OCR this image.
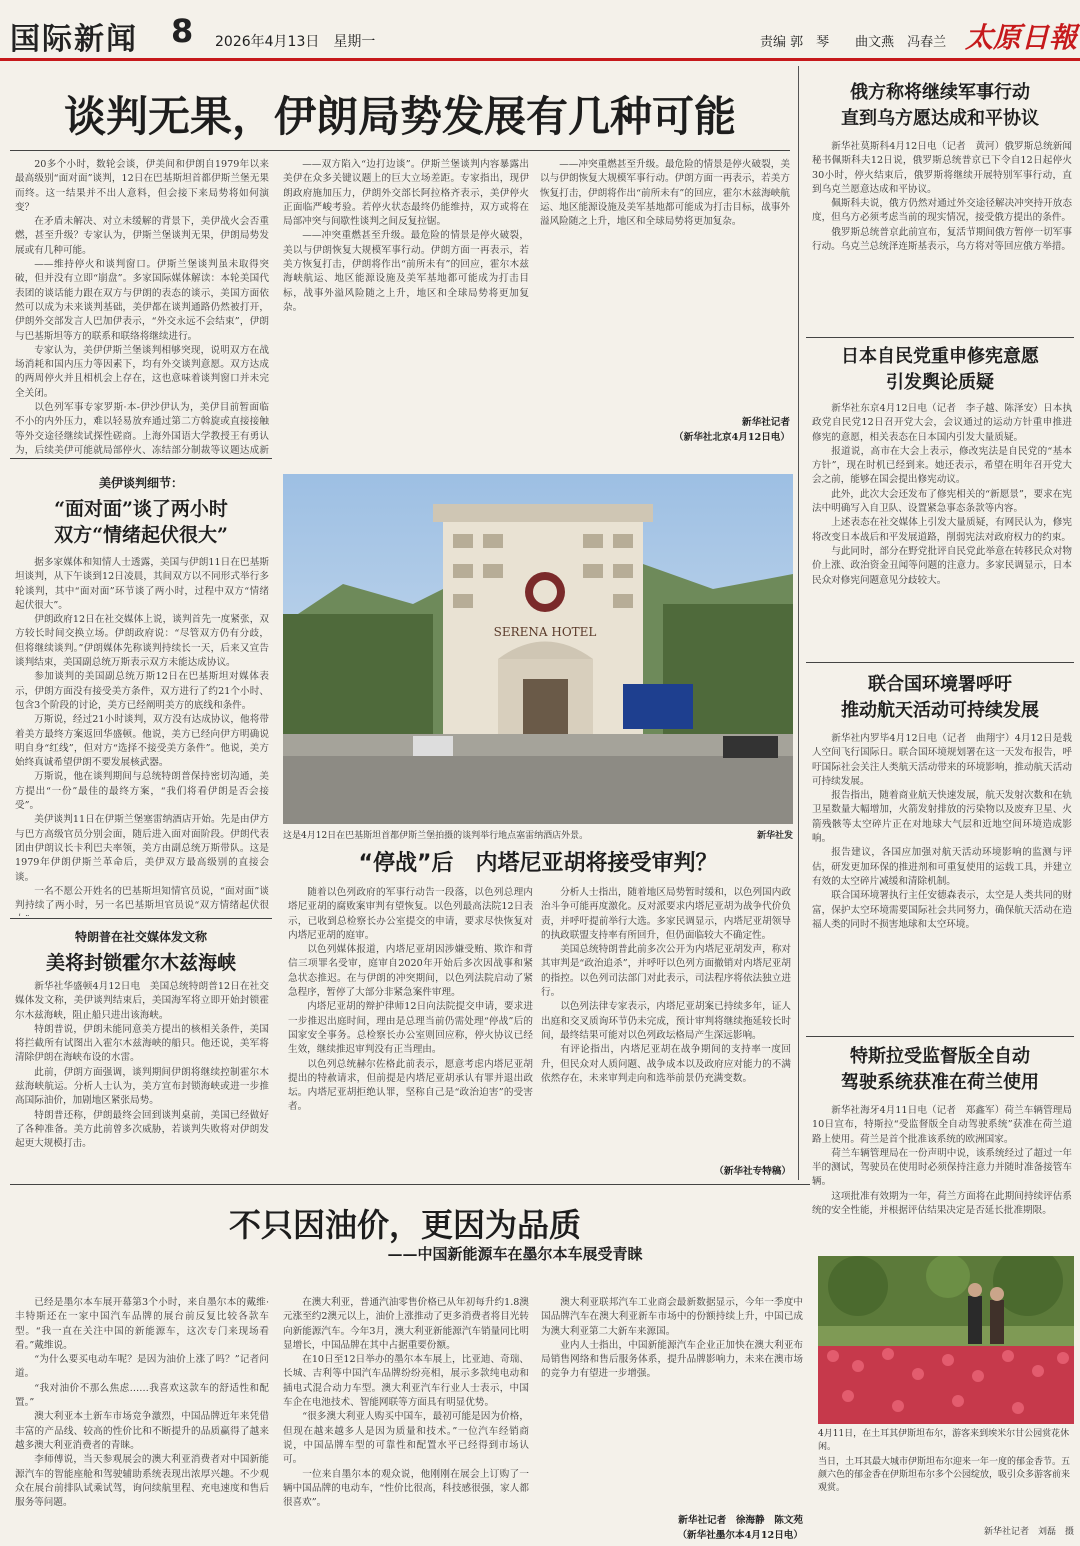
国际新闻 8 2026年4月13日　星期一	责编 郭　琴　　曲文燕　冯春兰 太原日報
谈判无果，伊朗局势发展有几种可能

20多个小时，数轮会谈，伊美间和伊朗自1979年以来最高级别“面对面”谈判，12日在巴基斯坦首都伊斯兰堡无果而终。这一结果并不出人意料，但会接下来局势将如何演变？

在矛盾未解决、对立未缓解的背景下，美伊战火会否重燃，甚至升级？专家认为，伊斯兰堡谈判无果，伊朗局势发展或有几种可能。

——维持停火和谈判窗口。伊斯兰堡谈判虽未取得突破，但并没有立即“崩盘”。多家国际媒体解读：本轮美国代表团的谈话能力跟在双方与伊朗的表态的谈示，美国方面依然可以成为未来谈判基础，美伊都在谈判通路仍然被打开，伊朗外交部发言人巴加伊表示，“外交永远不会结束”，伊朗与巴基斯坦等方的联系和联络将继续进行。

专家认为，美伊伊斯兰堡谈判相够突现，说明双方在战场消耗和国内压力等因素下，均有外交谈判意愿。双方达成的两周停火并且相机会上存在，这也意味着谈判窗口并未完全关闭。

以色列军事专家罗斯·本-伊沙伊认为，美伊目前暂面临不小的内外压力，难以轻易放弃通过第二方斡旋或直接接触等外交途径继续试探性磋商。上海外国语大学教授王有勇认为，后续美伊可能就局部停火、冻结部分制裁等议题达成新

——双方陷入“边打边谈”。伊斯兰堡谈判内容暴露出美伊在众多关键议题上的巨大立场差距。专家指出，现伊朗政府施加压力，伊朗外交部长阿拉格齐表示，美伊停火正面临严峻考验。若停火状态最终仍能维持，双方或将在局部冲突与间歇性谈判之间反复拉锯。

——冲突重燃甚至升级。最危险的情景是停火破裂，美以与伊朗恢复大规模军事行动。伊朗方面一再表示，若美方恢复打击，伊朗将作出“前所未有”的回应，霍尔木兹海峡航运、地区能源设施及美军基地都可能成为打击目标，战事外溢风险随之上升，地区和全球局势将更加复杂。

——冲突重燃甚至升级。最危险的情景是停火破裂，美以与伊朗恢复大规模军事行动。伊朗方面一再表示，若美方恢复打击，伊朗将作出“前所未有”的回应，霍尔木兹海峡航运、地区能源设施及美军基地都可能成为打击目标，战事外溢风险随之上升，地区和全球局势将更加复杂。

新华社记者
（新华社北京4月12日电）
美伊谈判细节：
“面对面”谈了两小时
双方“情绪起伏很大”

据多家媒体和知情人士透露，美国与伊朗11日在巴基斯坦谈判，从下午谈到12日凌晨，其间双方以不同形式举行多轮谈判，其中“面对面”环节谈了两小时，过程中双方“情绪起伏很大”。

伊朗政府12日在社交媒体上说，谈判首先一度紧张，双方较长时间交换立场。伊朗政府说：“尽管双方仍有分歧，但将继续谈判。”伊朗媒体先称谈判持续长一天，后来又宣告谈判结束，美国副总统万斯表示双方未能达成协议。

参加谈判的美国副总统万斯12日在巴基斯坦对媒体表示，伊朗方面没有接受美方条件，双方进行了约21个小时、包含3个阶段的讨论，美方已经阐明美方的底线和条件。

万斯说，经过21小时谈判，双方没有达成协议，他将带着美方最终方案返回华盛顿。他说，美方已经向伊方明确说明自身“红线”，但对方“选择不接受美方条件”。他说，美方始终真诚希望伊朗不要发展核武器。

万斯说，他在谈判期间与总统特朗普保持密切沟通，美方提出“一份”最佳的最终方案，“我们将看伊朗是否会接受”。

美伊谈判11日在伊斯兰堡塞雷纳酒店开始。先是由伊方与巴方高级官员分别会面，随后进入面对面阶段。伊朗代表团由伊朗议长卡利巴夫率领，美方由副总统万斯带队。这是1979年伊朗伊斯兰革命后，美伊双方最高级别的直接会谈。

一名不愿公开姓名的巴基斯坦知情官员说，“面对面”谈判持续了两小时，另一名巴基斯坦官员说“双方情绪起伏很

特朗普在社交媒体发文称
美将封锁霍尔木兹海峡

新华社华盛顿4月12日电　美国总统特朗普12日在社交媒体发文称，美伊谈判结束后，美国海军将立即开始封锁霍尔木兹海峡，阻止船只进出该海峡。

特朗普说，伊朗未能同意美方提出的核相关条件，美国将拦截所有试图出入霍尔木兹海峡的船只。他还说，美军将清除伊朗在海峡布设的水雷。

此前，伊朗方面强调，谈判期间伊朗将继续控制霍尔木兹海峡航运。分析人士认为，美方宣布封锁海峡或进一步推高国际油价，加剧地区紧张局势。

特朗普还称，伊朗最终会回到谈判桌前，美国已经做好了各种准备。美方此前曾多次威胁，若谈判失败将对伊朗发起更大规模打击。

SERENA HOTEL
这是4月12日在巴基斯坦首都伊斯兰堡拍摄的谈判举行地点塞雷纳酒店外景。	新华社发
“停战”后　内塔尼亚胡将接受审判？

随着以色列政府的军事行动告一段落，以色列总理内塔尼亚胡的腐败案审判有望恢复。以色列最高法院12日表示，已收到总检察长办公室提交的申请，要求尽快恢复对内塔尼亚胡的庭审。

以色列媒体报道，内塔尼亚胡因涉嫌受贿、欺诈和背信三项罪名受审，庭审自2020年开始后多次因战事和紧急状态推迟。在与伊朗的冲突期间，以色列法院启动了紧急程序，暂停了大部分非紧急案件审理。

内塔尼亚胡的辩护律师12日向法院提交申请，要求进一步推迟出庭时间，理由是总理当前仍需处理“停战”后的国家安全事务。总检察长办公室则回应称，停火协议已经生效，继续推迟审判没有正当理由。

以色列总统赫尔佐格此前表示，愿意考虑内塔尼亚胡提出的特赦请求，但前提是内塔尼亚胡承认有罪并退出政坛。内塔尼亚胡拒绝认罪，坚称自己是“政治迫害”的受害者。

分析人士指出，随着地区局势暂时缓和，以色列国内政治斗争可能再度激化。反对派要求内塔尼亚胡为战争代价负责，并呼吁提前举行大选。多家民调显示，内塔尼亚胡领导的执政联盟支持率有所回升，但仍面临较大不确定性。

美国总统特朗普此前多次公开为内塔尼亚胡发声，称对其审判是“政治追杀”，并呼吁以色列方面撤销对内塔尼亚胡的指控。以色列司法部门对此表示，司法程序将依法独立进行。

以色列法律专家表示，内塔尼亚胡案已持续多年，证人出庭和交叉质询环节仍未完成，预计审判将继续拖延较长时间，最终结果可能对以色列政坛格局产生深远影响。

有评论指出，内塔尼亚胡在战争期间的支持率一度回升，但民众对人质问题、战争成本以及政府应对能力的不满依然存在，未来审判走向和选举前景仍充满变数。

（新华社专特稿）
俄方称将继续军事行动
直到乌方愿达成和平协议

新华社莫斯科4月12日电（记者　黄河）俄罗斯总统新闻秘书佩斯科夫12日说，俄罗斯总统普京已下令自12日起停火30小时，停火结束后，俄罗斯将继续开展特别军事行动，直到乌克兰愿意达成和平协议。

佩斯科夫说，俄方仍然对通过外交途径解决冲突持开放态度，但乌方必须考虑当前的现实情况，接受俄方提出的条件。

俄罗斯总统普京此前宣布，复活节期间俄方暂停一切军事行动。乌克兰总统泽连斯基表示，乌方将对等回应俄方举措。

日本自民党重申修宪意愿
引发舆论质疑

新华社东京4月12日电（记者　李子越、陈泽安）日本执政党自民党12日召开党大会，会议通过的运动方针重申推进修宪的意愿，相关表态在日本国内引发大量质疑。

报道说，高市在大会上表示，修改宪法是自民党的“基本方针”，现在时机已经到来。她还表示，希望在明年召开党大会之前，能够在国会提出修宪动议。

此外，此次大会还发布了修宪相关的“新愿景”，要求在宪法中明确写入自卫队、设置紧急事态条款等内容。

上述表态在社交媒体上引发大量质疑，有网民认为，修宪将改变日本战后和平发展道路，削弱宪法对政府权力的约束。

与此同时，部分在野党批评自民党此举意在转移民众对物价上涨、政治资金丑闻等问题的注意力。多家民调显示，日本民众对修宪问题意见分歧较大。

联合国环境署呼吁
推动航天活动可持续发展

新华社内罗毕4月12日电（记者　曲翔宇）4月12日是载人空间飞行国际日。联合国环境规划署在这一天发布报告，呼吁国际社会关注人类航天活动带来的环境影响，推动航天活动可持续发展。

报告指出，随着商业航天快速发展，航天发射次数和在轨卫星数量大幅增加，火箭发射排放的污染物以及废弃卫星、火箭残骸等太空碎片正在对地球大气层和近地空间环境造成影响。

报告建议，各国应加强对航天活动环境影响的监测与评估，研发更加环保的推进剂和可重复使用的运载工具，并建立有效的太空碎片减缓和清除机制。

联合国环境署执行主任安德森表示，太空是人类共同的财富，保护太空环境需要国际社会共同努力，确保航天活动在造福人类的同时不损害地球和太空环境。

特斯拉受监督版全自动
驾驶系统获准在荷兰使用

新华社海牙4月11日电（记者　郑鑫军）荷兰车辆管理局10日宣布，特斯拉“受监督版全自动驾驶系统”获准在荷兰道路上使用。荷兰是首个批准该系统的欧洲国家。

荷兰车辆管理局在一份声明中说，该系统经过了超过一年半的测试，驾驶员在使用时必须保持注意力并随时准备接管车辆。

这项批准有效期为一年，荷兰方面将在此期间持续评估系统的安全性能，并根据评估结果决定是否延长批准期限。

4月11日，在土耳其伊斯坦布尔，游客来到埃米尔甘公园赏花休闲。
当日，土耳其最大城市伊斯坦布尔迎来一年一度的郁金香节。五颜六色的郁金香在伊斯坦布尔多个公园绽放，吸引众多游客前来观赏。
新华社记者　刘磊　摄
不只因油价，更因为品质
——中国新能源车在墨尔本车展受青睐

已经是墨尔本车展开幕第3个小时，来自墨尔本的戴维·丰特斯还在一家中国汽车品牌的展台前反复比较各款车型。“我一直在关注中国的新能源车，这次专门来现场看看。”戴维说。

“为什么要买电动车呢？是因为油价上涨了吗？”记者问道。

“我对油价不那么焦虑……我喜欢这款车的舒适性和配置。”

澳大利亚本土新车市场竞争激烈，中国品牌近年来凭借丰富的产品线、较高的性价比和不断提升的品质赢得了越来越多澳大利亚消费者的青睐。

李师傅说，当天参观展会的澳大利亚消费者对中国新能源汽车的智能座舱和驾驶辅助系统表现出浓厚兴趣。不少观众在展台前排队试乘试驾，询问续航里程、充电速度和售后服务等问题。

在澳大利亚，普通汽油零售价格已从年初每升约1.8澳元涨至约2澳元以上，油价上涨推动了更多消费者将目光转向新能源汽车。今年3月，澳大利亚新能源汽车销量同比明显增长，中国品牌在其中占据重要份额。

在10日至12日举办的墨尔本车展上，比亚迪、奇瑞、长城、吉利等中国汽车品牌纷纷亮相，展示多款纯电动和插电式混合动力车型。澳大利亚汽车行业人士表示，中国车企在电池技术、智能网联等方面具有明显优势。

“很多澳大利亚人购买中国车，最初可能是因为价格，但现在越来越多人是因为质量和技术。”一位汽车经销商说，中国品牌车型的可靠性和配置水平已经得到市场认可。

一位来自墨尔本的观众说，他刚刚在展会上订购了一辆中国品牌的电动车，“性价比很高，科技感很强，家人都很喜欢”。

澳大利亚联邦汽车工业商会最新数据显示，今年一季度中国品牌汽车在澳大利亚新车市场中的份额持续上升，中国已成为澳大利亚第二大新车来源国。

业内人士指出，中国新能源汽车企业正加快在澳大利亚布局销售网络和售后服务体系，提升品牌影响力，未来在澳市场的竞争力有望进一步增强。

新华社记者　徐海静　陈文苑
（新华社墨尔本4月12日电）
